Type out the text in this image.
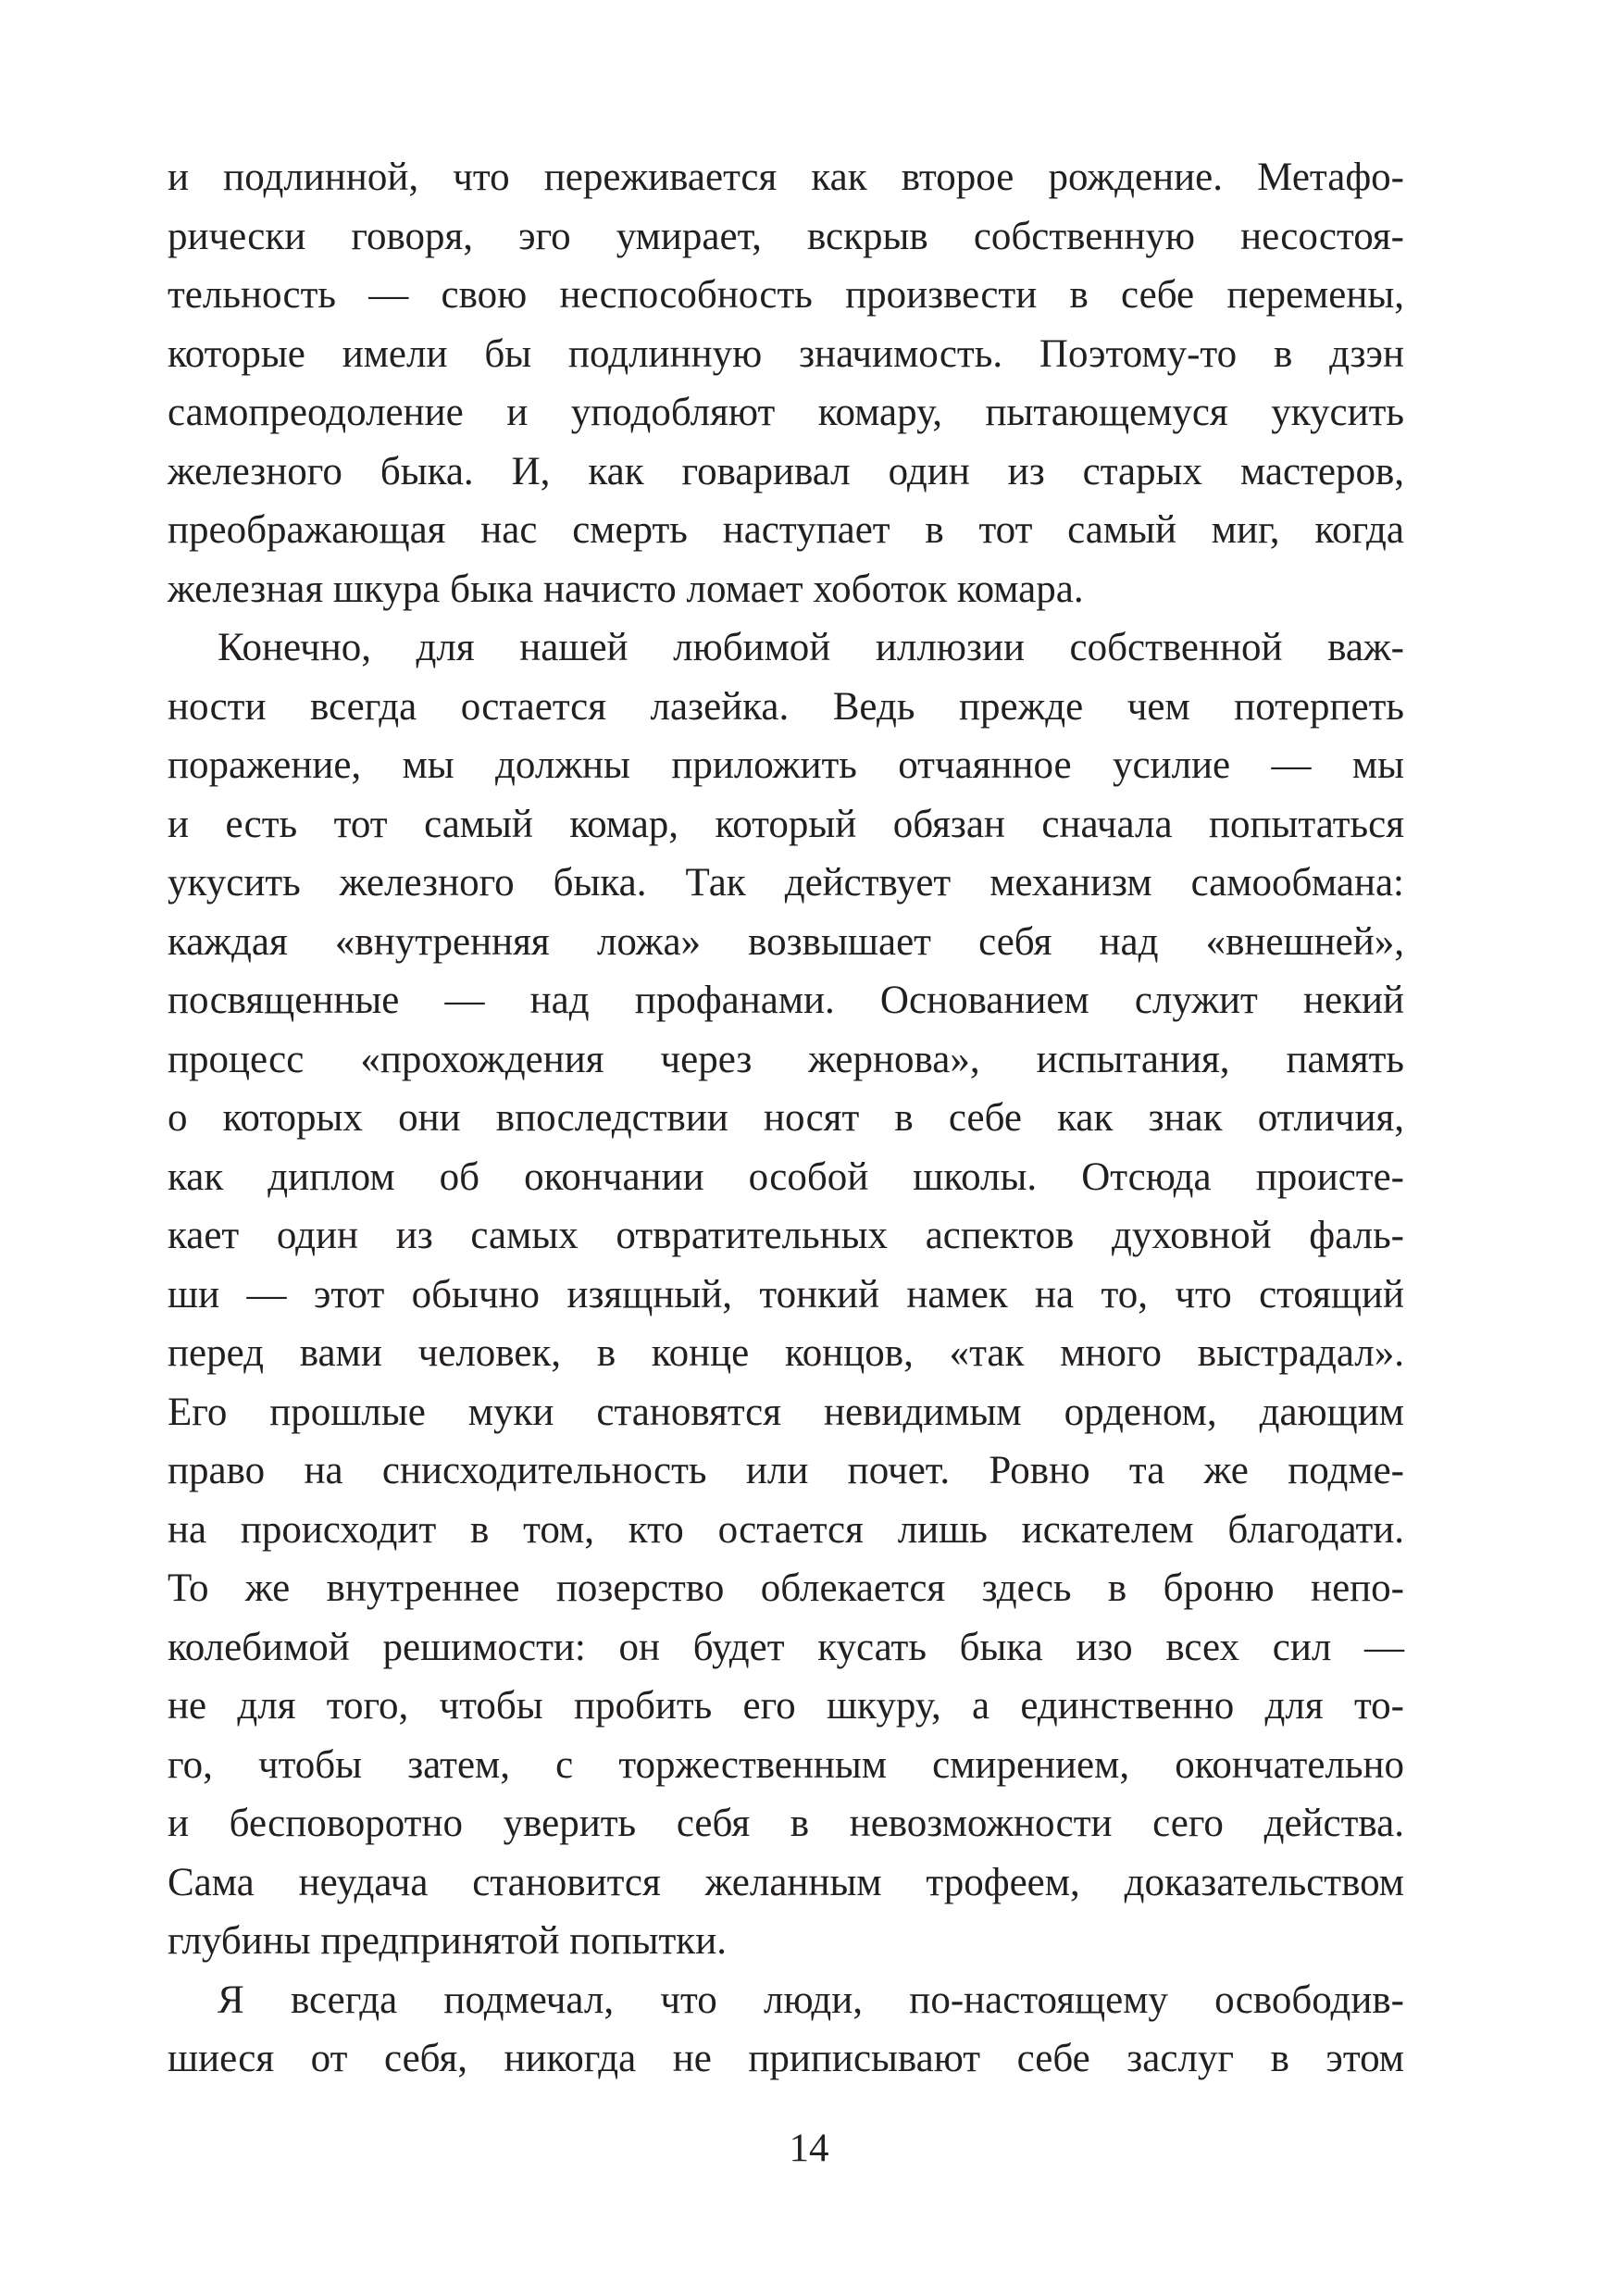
и подлинной, что переживается как второе рождение. Метафо-
рически говоря, эго умирает, вскрыв собственную несостоя-
тельность — свою неспособность произвести в себе перемены,
которые имели бы подлинную значимость. Поэтому-то в дзэн
самопреодоление и уподобляют комару, пытающемуся укусить
железного быка. И, как говаривал один из старых мастеров,
преображающая нас смерть наступает в тот самый миг, когда
железная шкура быка начисто ломает хоботок комара.
Конечно, для нашей любимой иллюзии собственной важ-
ности всегда остается лазейка. Ведь прежде чем потерпеть
поражение, мы должны приложить отчаянное усилие — мы
и есть тот самый комар, который обязан сначала попытаться
укусить железного быка. Так действует механизм самообмана:
каждая «внутренняя ложа» возвышает себя над «внешней»,
посвященные — над профанами. Основанием служит некий
процесс «прохождения через жернова», испытания, память
о которых они впоследствии носят в себе как знак отличия,
как диплом об окончании особой школы. Отсюда происте-
кает один из самых отвратительных аспектов духовной фаль-
ши — этот обычно изящный, тонкий намек на то, что стоящий
перед вами человек, в конце концов, «так много выстрадал».
Его прошлые муки становятся невидимым орденом, дающим
право на снисходительность или почет. Ровно та же подме-
на происходит в том, кто остается лишь искателем благодати.
То же внутреннее позерство облекается здесь в броню непо-
колебимой решимости: он будет кусать быка изо всех сил —
не для того, чтобы пробить его шкуру, а единственно для то-
го, чтобы затем, с торжественным смирением, окончательно
и бесповоротно уверить себя в невозможности сего действа.
Сама неудача становится желанным трофеем, доказательством
глубины предпринятой попытки.
Я всегда подмечал, что люди, по-настоящему освободив-
шиеся от себя, никогда не приписывают себе заслуг в этом
14
